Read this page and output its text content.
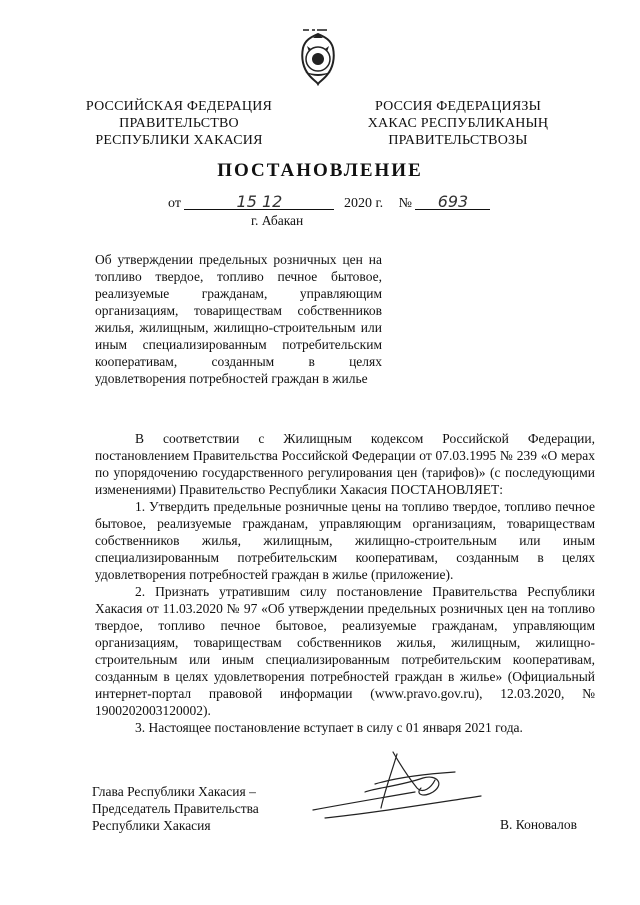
РОССИЙСКАЯ ФЕДЕРАЦИЯ
ПРАВИТЕЛЬСТВО
РЕСПУБЛИКИ ХАКАСИЯ
РОССИЯ ФЕДЕРАЦИЯЗЫ
ХАКАС РЕСПУБЛИКАНЫҢ
ПРАВИТЕЛЬСТВОЗЫ
ПОСТАНОВЛЕНИЕ
от	15 12	2020 г. № 693
г. Абакан
Об утверждении предельных розничных цен на топливо твердое, топливо печное бытовое, реализуемые гражданам, управляющим организациям, товариществам собственников жилья, жилищным, жилищно-строительным или иным специализированным потребительским кооперативам, созданным в целях удовлетворения потребностей граждан в жилье

В соответствии с Жилищным кодексом Российской Федерации, постановлением Правительства Российской Федерации от 07.03.1995 № 239 «О мерах по упорядочению государственного регулирования цен (тарифов)» (с последующими изменениями) Правительство Республики Хакасия ПОСТАНОВЛЯЕТ:

1. Утвердить предельные розничные цены на топливо твердое, топливо печное бытовое, реализуемые гражданам, управляющим организациям, товариществам собственников жилья, жилищным, жилищно-строительным или иным специализированным потребительским кооперативам, созданным в целях удовлетворения потребностей граждан в жилье (приложение).

2. Признать утратившим силу постановление Правительства Республики Хакасия от 11.03.2020 № 97 «Об утверждении предельных розничных цен на топливо твердое, топливо печное бытовое, реализуемые гражданам, управляющим организациям, товариществам собственников жилья, жилищным, жилищно-строительным или иным специализированным потребительским кооперативам, созданным в целях удовлетворения потребностей граждан в жилье» (Официальный интернет-портал правовой информации (www.pravo.gov.ru), 12.03.2020, № 1900202003120002).

3. Настоящее постановление вступает в силу с 01 января 2021 года.

Глава Республики Хакасия –
Председатель Правительства
Республики Хакасия	В. Коновалов
